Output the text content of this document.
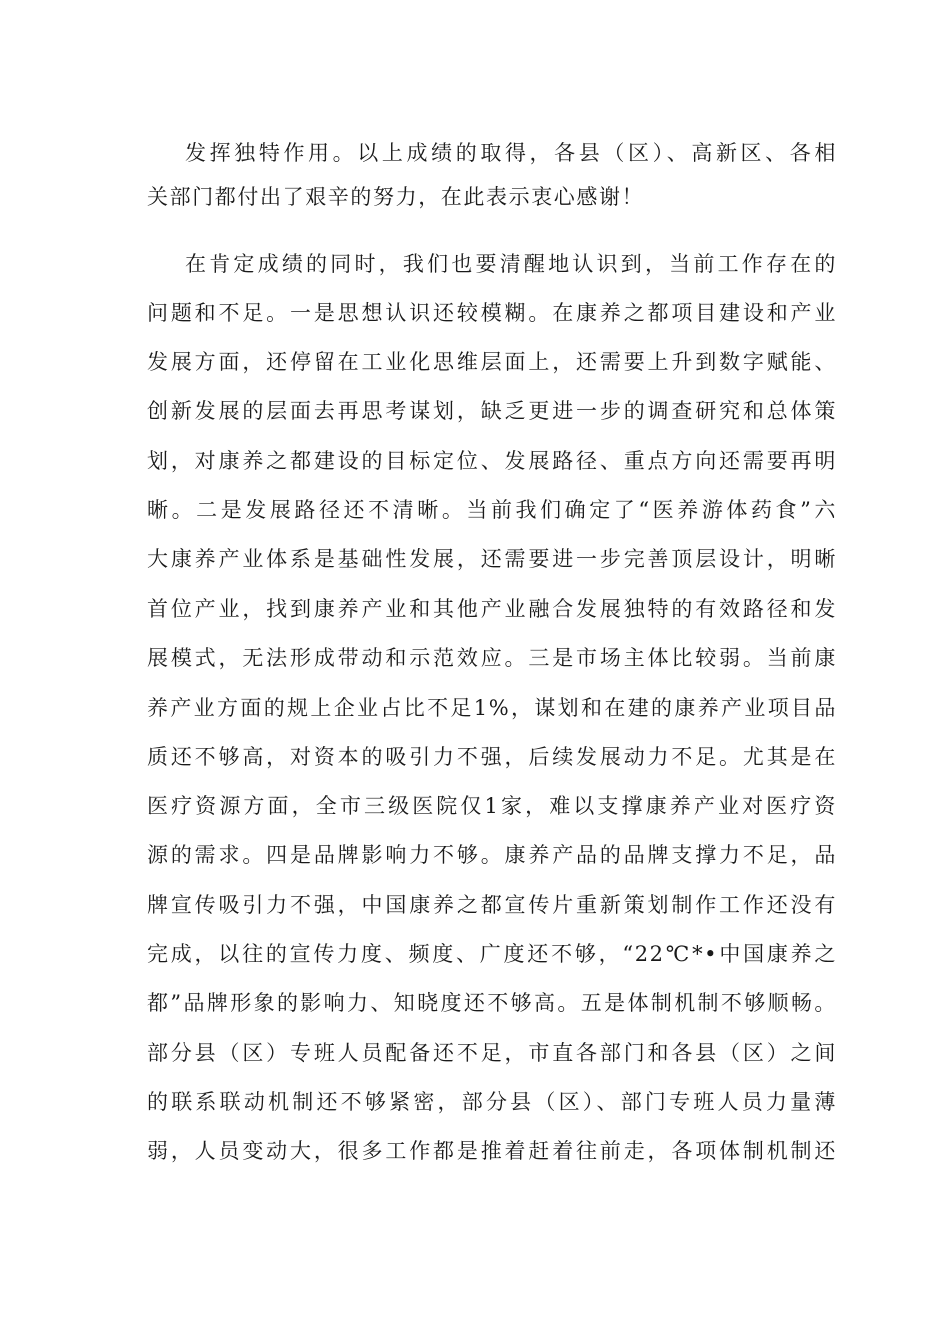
发挥独特作用。以上成绩的取得，各县（区）、高新区、各相
关部门都付出了艰辛的努力，在此表示衷心感谢！
在肯定成绩的同时，我们也要清醒地认识到，当前工作存在的
问题和不足。一是思想认识还较模糊。在康养之都项目建设和产业
发展方面，还停留在工业化思维层面上，还需要上升到数字赋能、
创新发展的层面去再思考谋划，缺乏更进一步的调查研究和总体策
划，对康养之都建设的目标定位、发展路径、重点方向还需要再明
晰。二是发展路径还不清晰。当前我们确定了“医养游体药食”六
大康养产业体系是基础性发展，还需要进一步完善顶层设计，明晰
首位产业，找到康养产业和其他产业融合发展独特的有效路径和发
展模式，无法形成带动和示范效应。三是市场主体比较弱。当前康
养产业方面的规上企业占比不足1%，谋划和在建的康养产业项目品
质还不够高，对资本的吸引力不强，后续发展动力不足。尤其是在
医疗资源方面，全市三级医院仅1家，难以支撑康养产业对医疗资
源的需求。四是品牌影响力不够。康养产品的品牌支撑力不足，品
牌宣传吸引力不强，中国康养之都宣传片重新策划制作工作还没有
完成，以往的宣传力度、频度、广度还不够，“22℃*•中国康养之
都”品牌形象的影响力、知晓度还不够高。五是体制机制不够顺畅。
部分县（区）专班人员配备还不足，市直各部门和各县（区）之间
的联系联动机制还不够紧密，部分县（区）、部门专班人员力量薄
弱，人员变动大，很多工作都是推着赶着往前走，各项体制机制还
